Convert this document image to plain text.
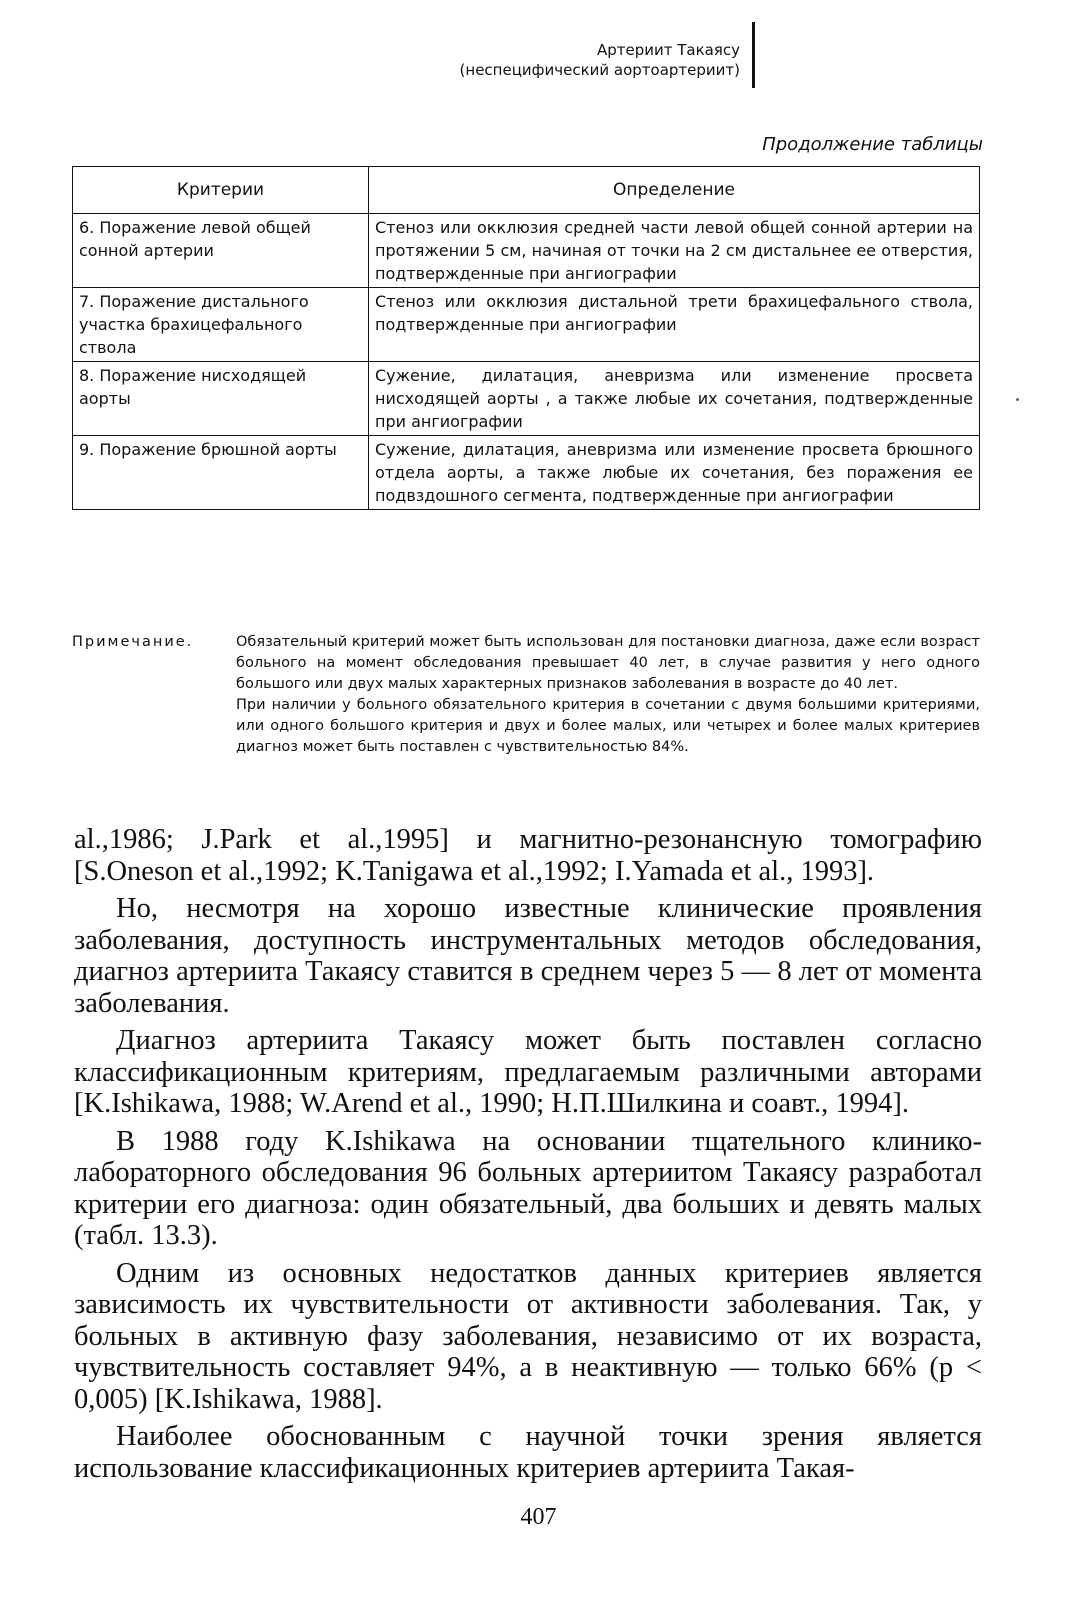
Артериит Такаясу
(неспецифический аортоартериит)
Продолжение таблицы
Критерии	Определение
6. Поражение левой общей сонной артерии	Стеноз или окклюзия средней части левой общей сонной артерии на протяжении 5 см, начиная от точки на 2 см дистальнее ее отверстия, подтвержденные при ангиографии
7. Поражение дистального участка брахицефального ствола	Стеноз или окклюзия дистальной трети брахицефального ствола, подтвержденные при ангиографии
8. Поражение нисходящей аорты	Сужение, дилатация, аневризма или изменение просвета нисходящей аорты , а также любые их сочетания, подтвержденные при ангиографии
9. Поражение брюшной аорты	Сужение, дилатация, аневризма или изменение просвета брюшного отдела аорты, а также любые их сочетания, без поражения ее подвздошного сегмента, подтвержденные при ангиографии
Примечание.	Обязательный критерий может быть использован для постановки диагноза, даже если возраст больного на момент обследования превышает 40 лет, в случае развития у него одного большого или двух малых характерных признаков заболевания в возрасте до 40 лет.

При наличии у больного обязательного критерия в сочетании с двумя большими критериями, или одного большого критерия и двух и более малых, или четырех и более малых критериев диагноз может быть поставлен с чувствительностью 84%.

al.,1986; J.Park et al.,1995] и магнитно-резонансную томографию [S.Oneson et al.,1992; K.Tanigawa et al.,1992; I.Yamada et al., 1993].

Но, несмотря на хорошо известные клинические проявления заболевания, доступность инструментальных методов обследования, диагноз артериита Такаясу ставится в среднем через 5 — 8 лет от момента заболевания.

Диагноз артериита Такаясу может быть поставлен согласно классификационным критериям, предлагаемым различными авторами [K.Ishikawa, 1988; W.Arend et al., 1990; Н.П.Шилкина и соавт., 1994].

В 1988 году K.Ishikawa на основании тщательного клинико-лабораторного обследования 96 больных артериитом Такаясу разработал критерии его диагноза: один обязательный, два больших и девять малых (табл. 13.3).

Одним из основных недостатков данных критериев является зависимость их чувствительности от активности заболевания. Так, у больных в активную фазу заболевания, независимо от их возраста, чувствительность составляет 94%, а в неактивную — только 66% (p < 0,005) [K.Ishikawa, 1988].

Наиболее обоснованным с научной точки зрения является использование классификационных критериев артериита Такая-

407
